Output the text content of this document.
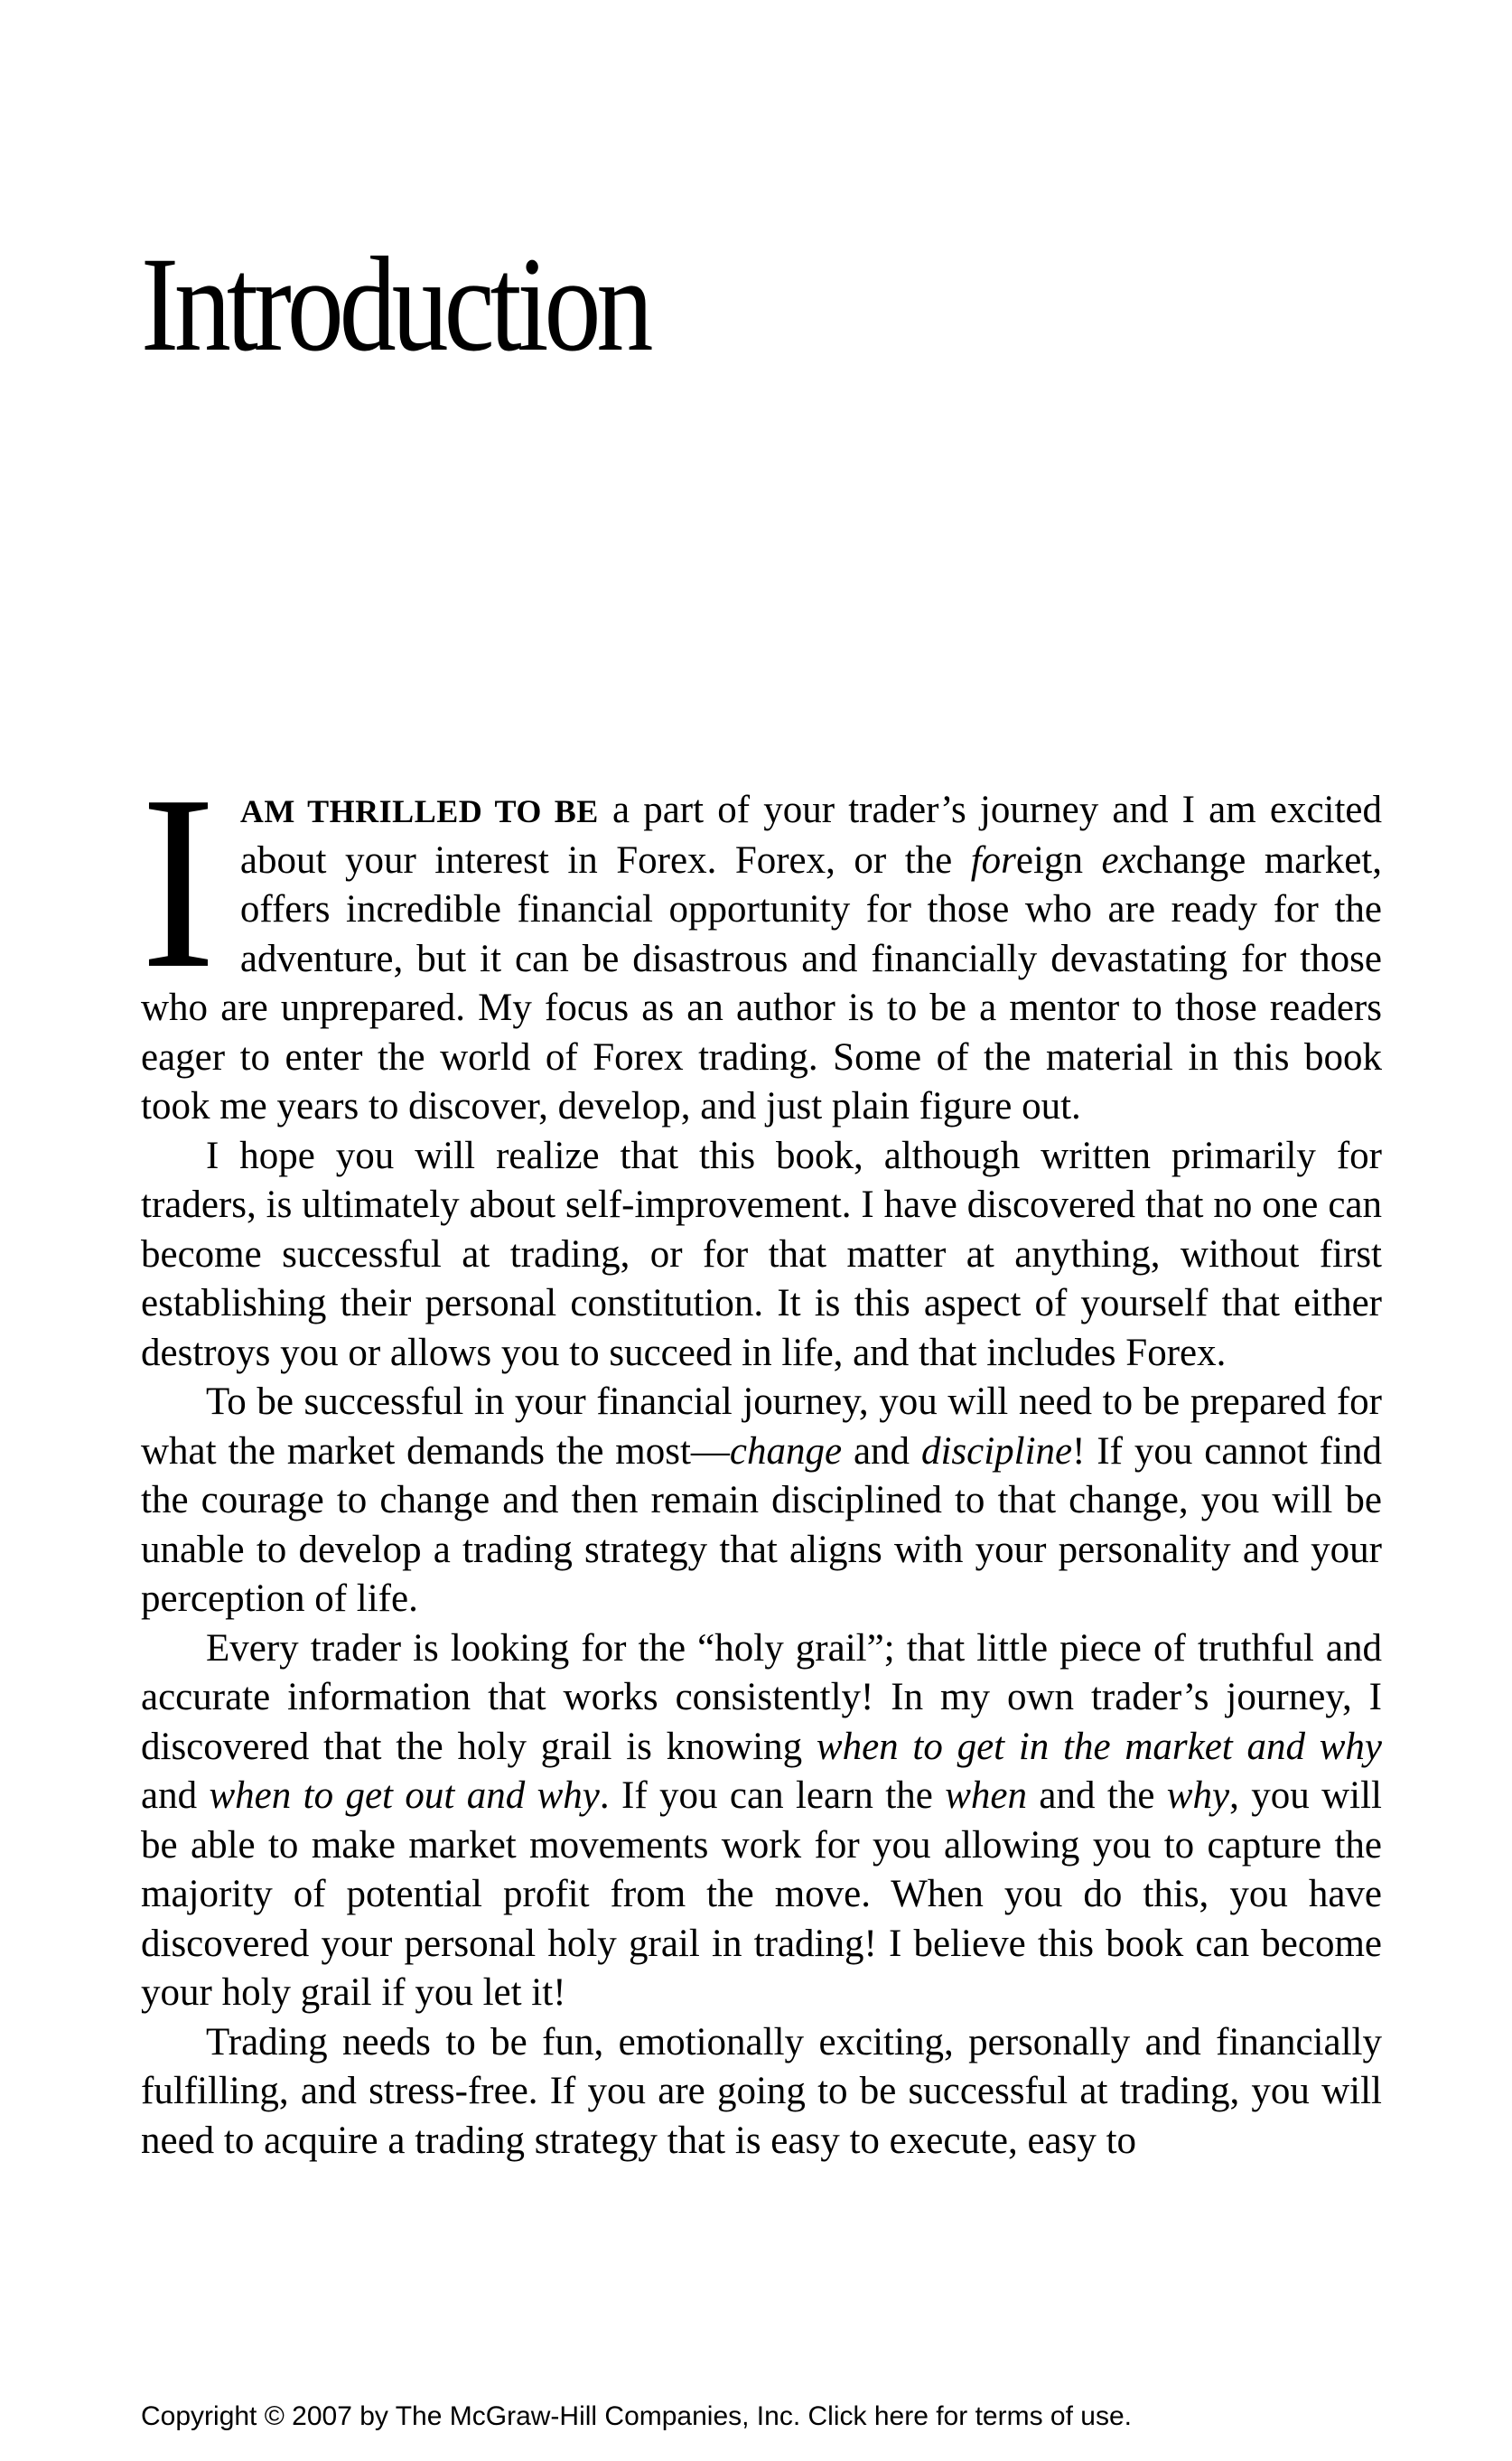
Introduction

IAM THRILLED TO BE a part of your trader’s journey and I am excited about your interest in Forex. Forex, or the foreign exchange market, offers incredible financial opportunity for those who are ready for the adventure, but it can be disastrous and financially devastating for those who are unprepared. My focus as an author is to be a mentor to those readers eager to enter the world of Forex trading. Some of the material in this book took me years to discover, develop, and just plain figure out.

I hope you will realize that this book, although written primarily for traders, is ultimately about self-improvement. I have discovered that no one can become successful at trading, or for that matter at anything, without first establishing their personal constitution. It is this aspect of yourself that either destroys you or allows you to succeed in life, and that includes Forex.

To be successful in your financial journey, you will need to be prepared for what the market demands the most—change and discipline! If you cannot find the courage to change and then remain disciplined to that change, you will be unable to develop a trading strategy that aligns with your personality and your perception of life.

Every trader is looking for the “holy grail”; that little piece of truthful and accurate information that works consistently! In my own trader’s journey, I discovered that the holy grail is knowing when to get in the market and why and when to get out and why. If you can learn the when and the why, you will be able to make market movements work for you allowing you to capture the majority of potential profit from the move. When you do this, you have discovered your personal holy grail in trading! I believe this book can become your holy grail if you let it!

Trading needs to be fun, emotionally exciting, personally and financially fulfilling, and stress-free. If you are going to be successful at trading, you will need to acquire a trading strategy that is easy to execute, easy to

Copyright © 2007 by The McGraw-Hill Companies, Inc. Click here for terms of use.
